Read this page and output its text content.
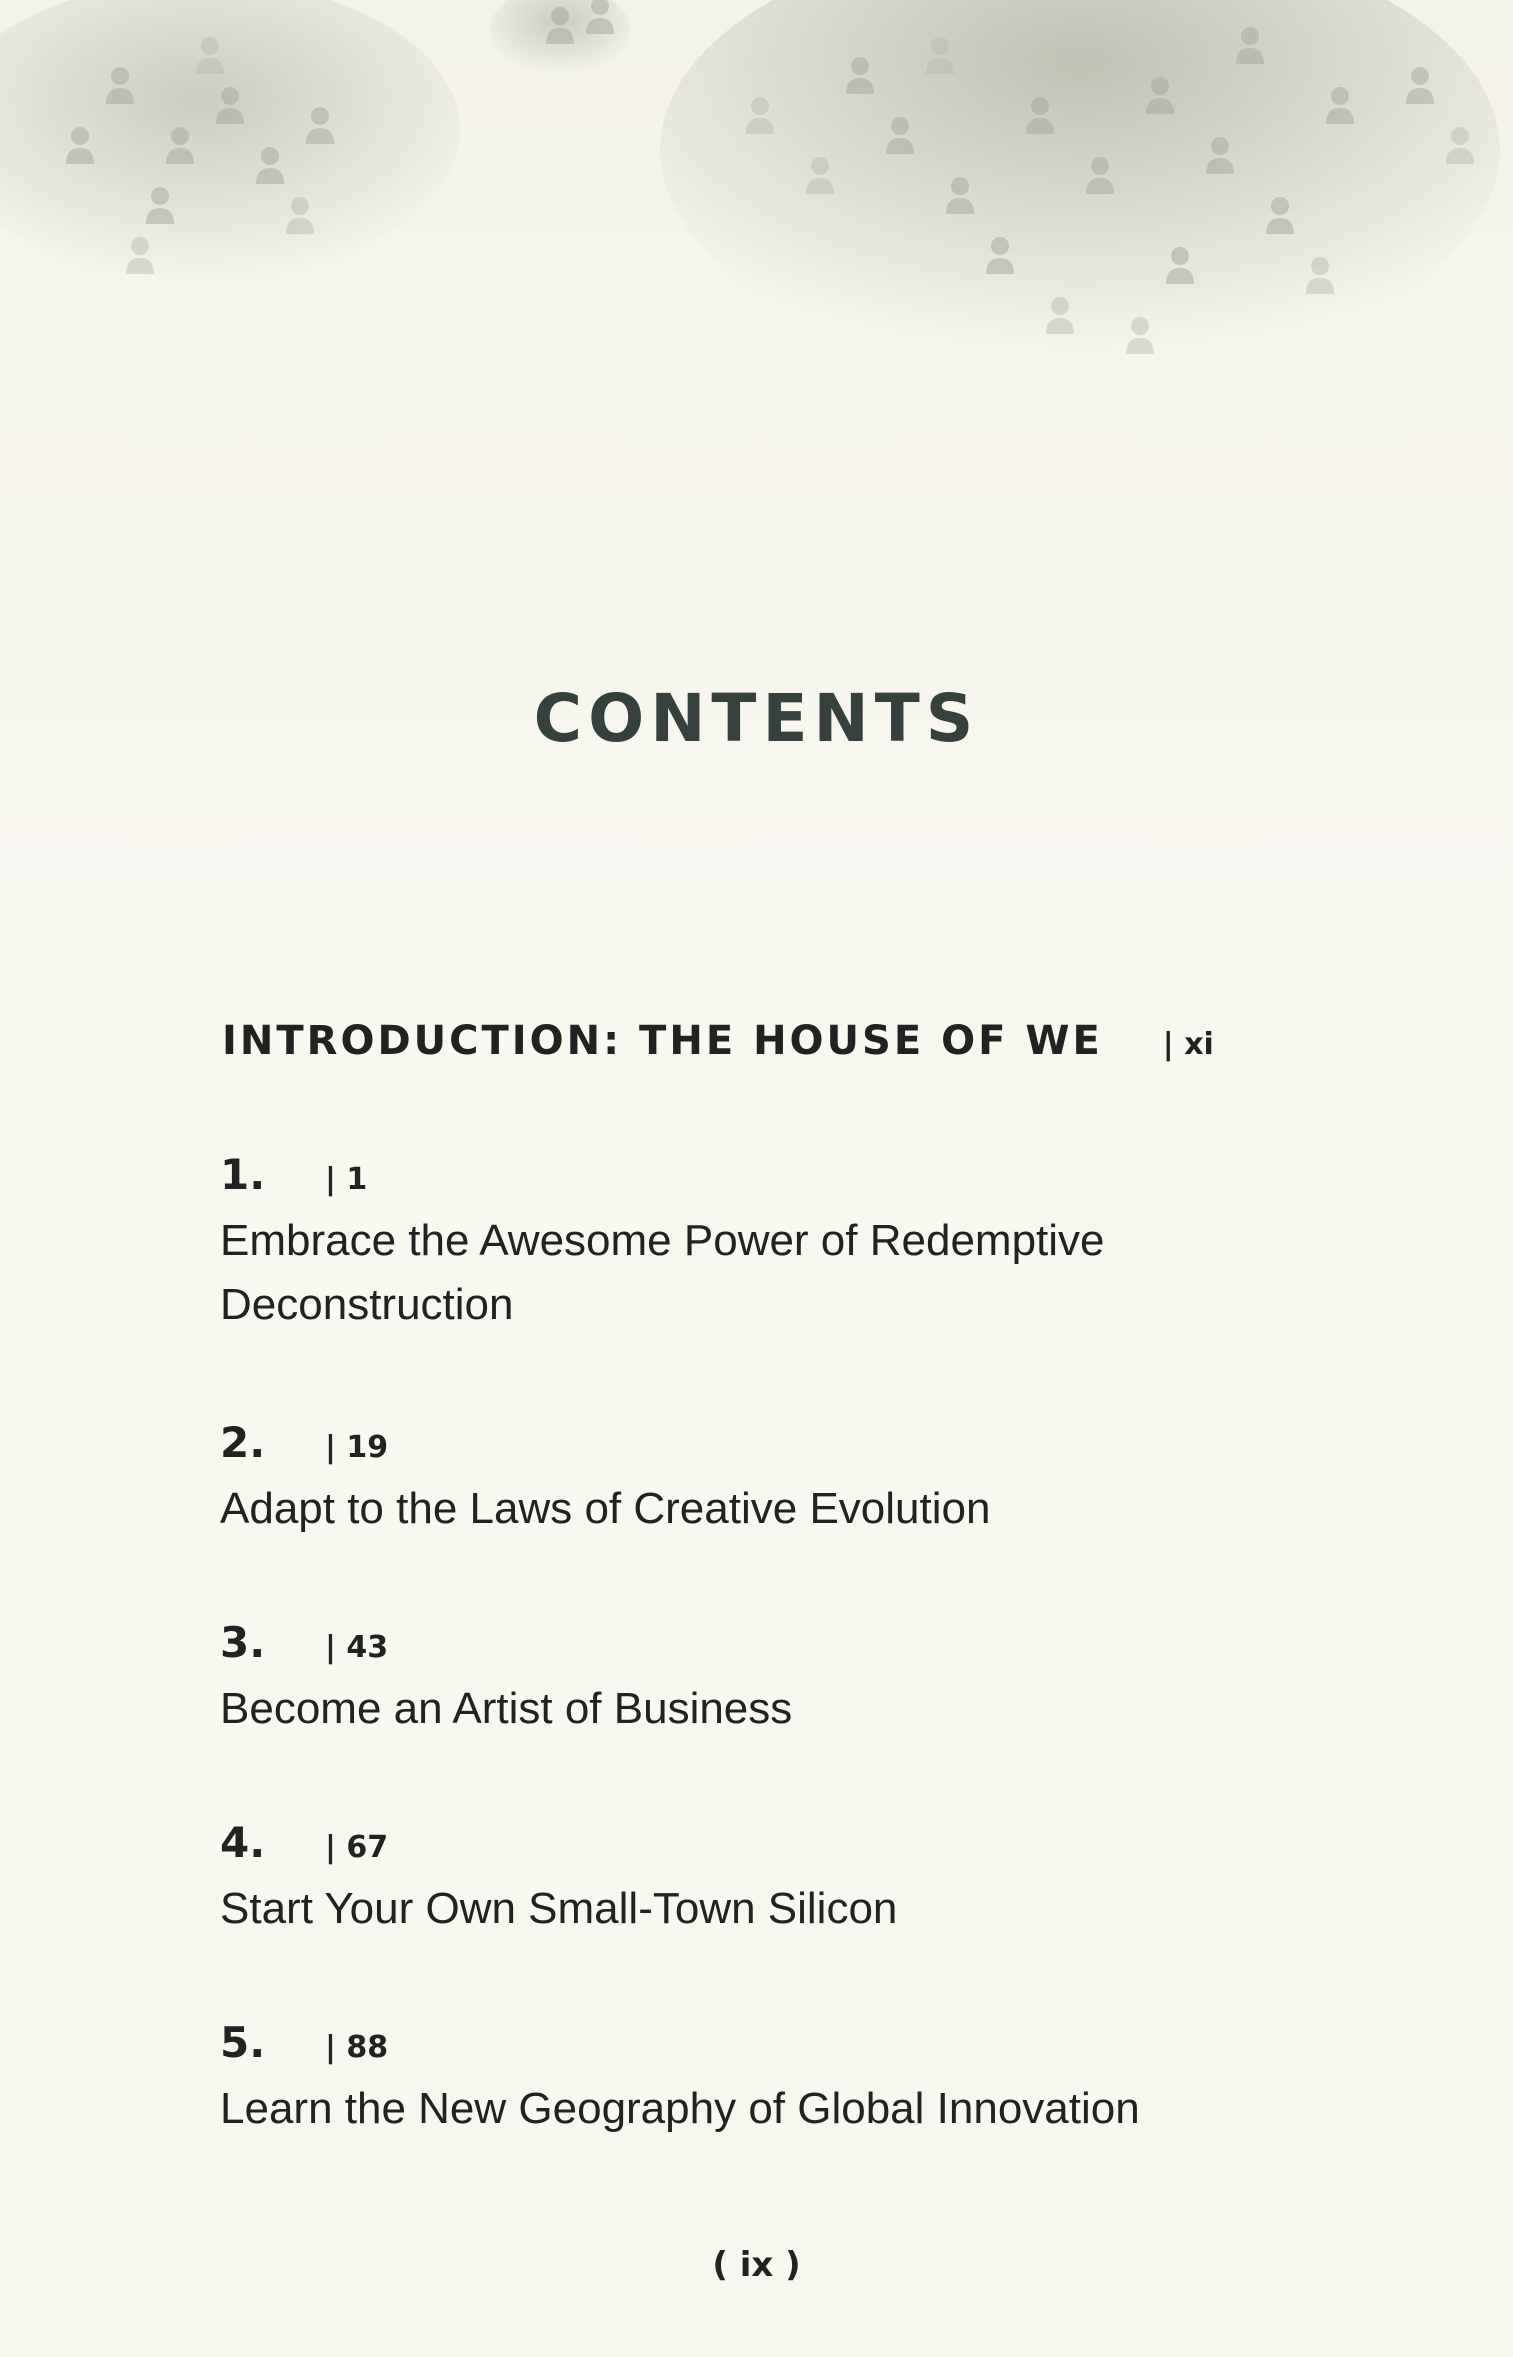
CONTENTS
INTRODUCTION: THE HOUSE OF WE | xi
1.	| 1
Embrace the Awesome Power of Redemptive Deconstruction
2.	| 19
Adapt to the Laws of Creative Evolution
3.	| 43
Become an Artist of Business
4.	| 67
Start Your Own Small-Town Silicon
5.	| 88
Learn the New Geography of Global Innovation
( ix )
